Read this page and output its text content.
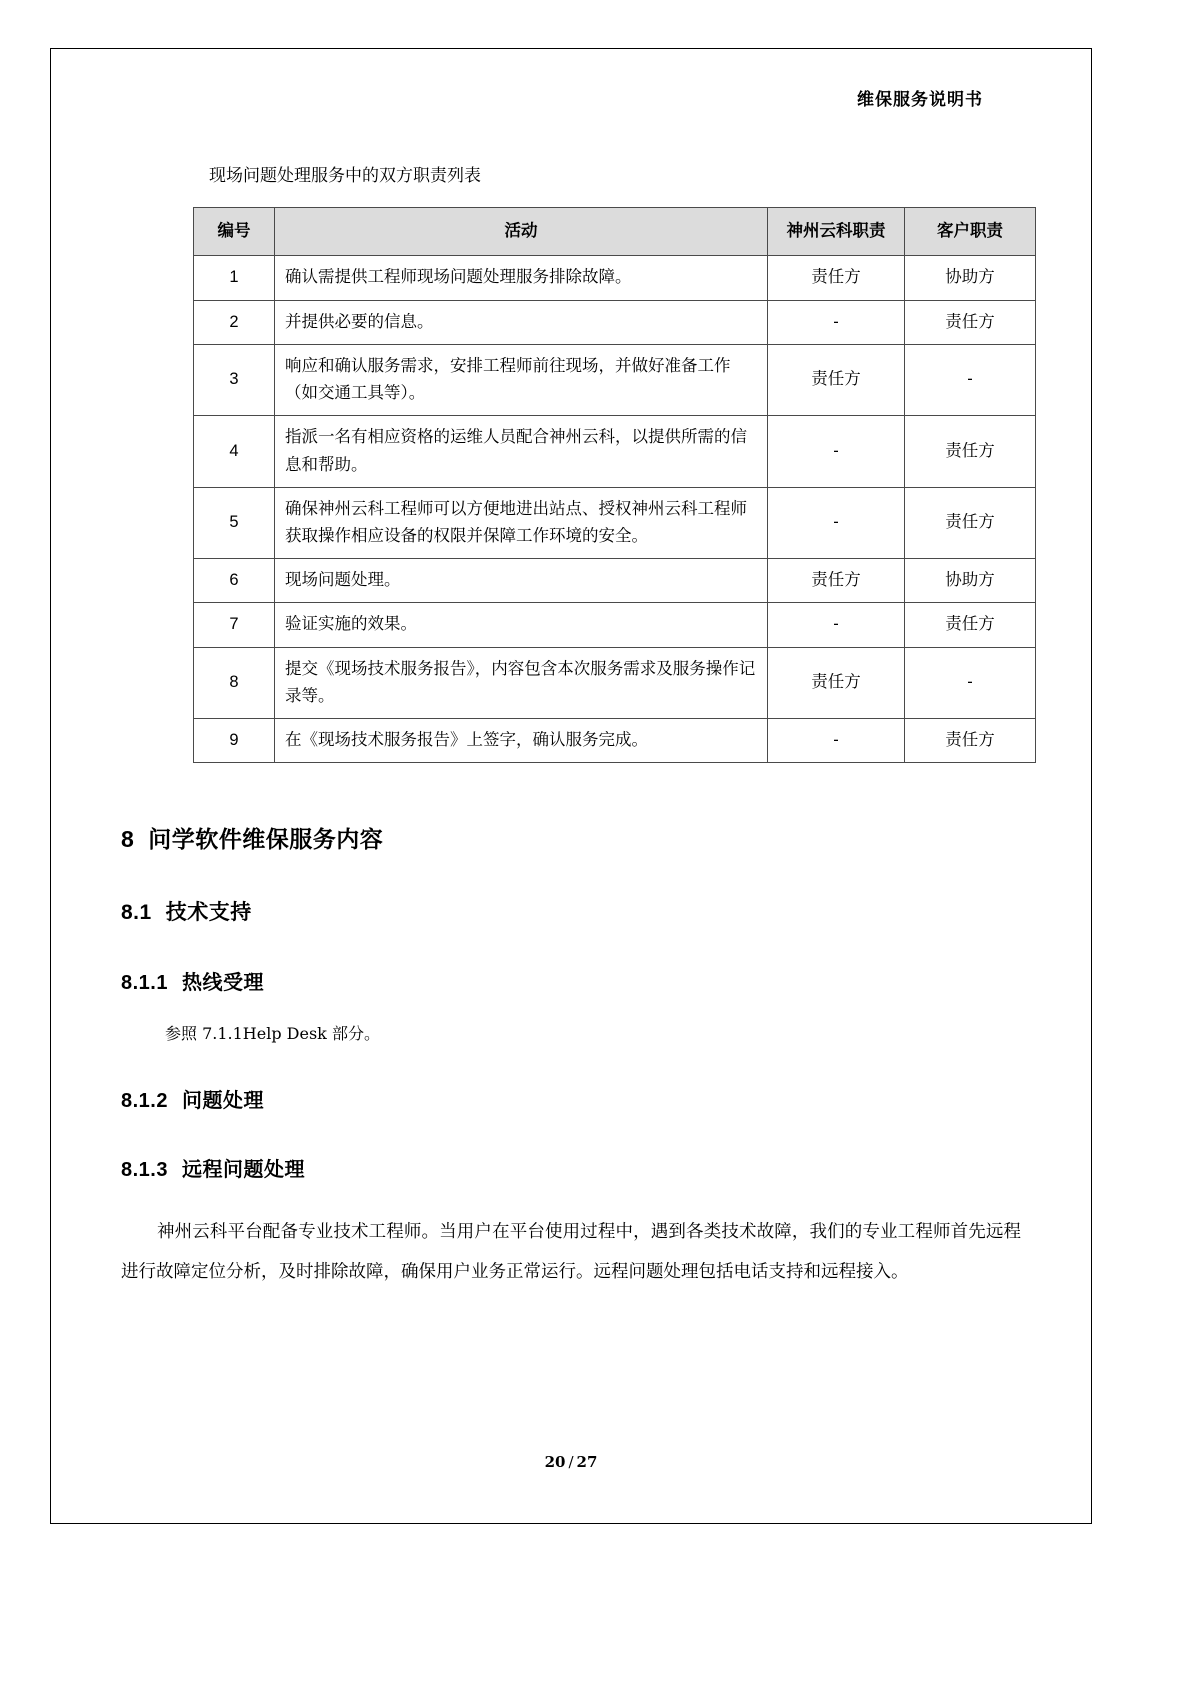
维保服务说明书
现场问题处理服务中的双方职责列表
编号	活动	神州云科职责	客户职责
1	确认需提供工程师现场问题处理服务排除故障。	责任方	协助方
2	并提供必要的信息。	-	责任方
3	响应和确认服务需求，安排工程师前往现场，并做好准备工作（如交通工具等）。	责任方	-
4	指派一名有相应资格的运维人员配合神州云科，以提供所需的信息和帮助。	-	责任方
5	确保神州云科工程师可以方便地进出站点、授权神州云科工程师获取操作相应设备的权限并保障工作环境的安全。	-	责任方
6	现场问题处理。	责任方	协助方
7	验证实施的效果。	-	责任方
8	提交《现场技术服务报告》，内容包含本次服务需求及服务操作记录等。	责任方	-
9	在《现场技术服务报告》上签字，确认服务完成。	-	责任方
8 问学软件维保服务内容
8.1 技术支持
8.1.1 热线受理

参照 7.1.1Help Desk 部分。

8.1.2 问题处理
8.1.3 远程问题处理

神州云科平台配备专业技术工程师。当用户在平台使用过程中，遇到各类技术故障，我们的专业工程师首先远程进行故障定位分析，及时排除故障，确保用户业务正常运行。远程问题处理包括电话支持和远程接入。

20 / 27
